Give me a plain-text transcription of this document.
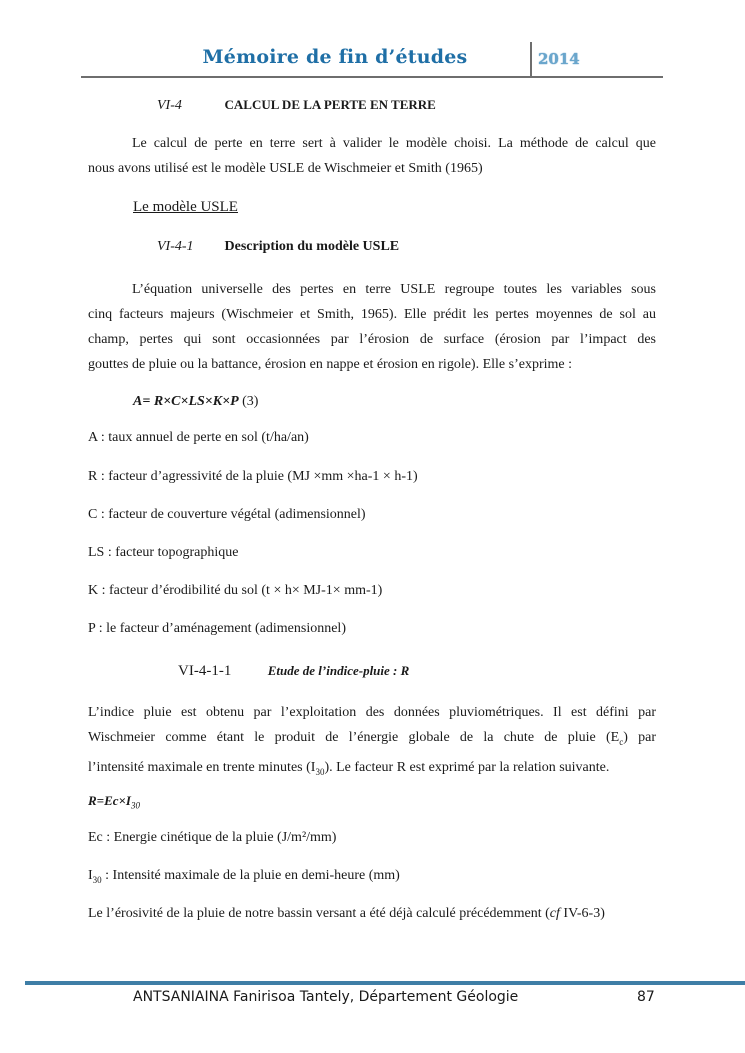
Mémoire de fin d’études	2014
VI-4	CALCUL DE LA PERTE EN TERRE
Le calcul de perte en terre sert à valider le modèle choisi. La méthode de calcul que
nous avons utilisé est le modèle USLE de Wischmeier et Smith (1965)
Le modèle USLE
VI-4-1 Description du modèle USLE
L’équation universelle des pertes en terre USLE regroupe toutes les variables sous
cinq facteurs majeurs (Wischmeier et Smith, 1965). Elle prédit les pertes moyennes de sol au
champ, pertes qui sont occasionnées par l’érosion de surface (érosion par l’impact des
gouttes de pluie ou la battance, érosion en nappe et érosion en rigole). Elle s’exprime :
A= R×C×LS×K×P (3)
A : taux annuel de perte en sol (t/ha/an)
R : facteur d’agressivité de la pluie (MJ ×mm ×ha-1 × h-1)
C : facteur de couverture végétal (adimensionnel)
LS : facteur topographique
K : facteur d’érodibilité du sol (t × h× MJ-1× mm-1)
P : le facteur d’aménagement (adimensionnel)
VI-4-1-1	Etude de l’indice-pluie : R
L’indice pluie est obtenu par l’exploitation des données pluviométriques. Il est défini par
Wischmeier comme étant le produit de l’énergie globale de la chute de pluie $(E_c)$ par
l’intensité maximale en trente minutes $(I_{30})$. Le facteur R est exprimé par la relation suivante.
$R=Ec\times I_{30}$
Ec : Energie cinétique de la pluie (J/m²/mm)
$I_{30}$ : Intensité maximale de la pluie en demi-heure (mm)
Le l’érosivité de la pluie de notre bassin versant a été déjà calculé précédemment (cf IV-6-3)
ANTSANIAINA Fanirisoa Tantely, Département Géologie	87
